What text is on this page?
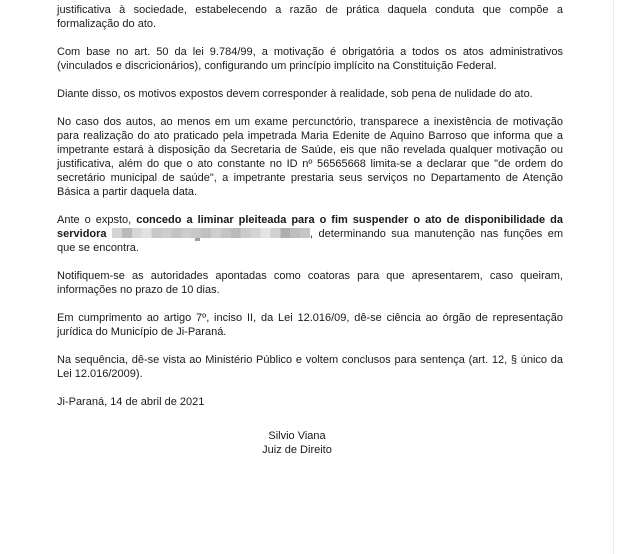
justificativa à sociedade, estabelecendo a razão de prática daquela conduta que compõe a formalização do ato.

Com base no art. 50 da lei 9.784/99, a motivação é obrigatória a todos os atos administrativos (vinculados e discricionários), configurando um princípio implícito na Constituição Federal.

Diante disso, os motivos expostos devem corresponder à realidade, sob pena de nulidade do ato.

No caso dos autos, ao menos em um exame percunctório, transparece a inexistência de motivação para realização do ato praticado pela impetrada Maria Edenite de Aquino Barroso que informa que a impetrante estará à disposição da Secretaria de Saúde, eis que não revelada qualquer motivação ou justificativa, além do que o ato constante no ID nº 56565668 limita-se a declarar que "de ordem do secretário municipal de saúde", a impetrante prestaria seus serviços no Departamento de Atenção Básica a partir daquela data.

Ante o expsto, concedo a liminar pleiteada para o fim suspender o ato de disponibilidade da servidora	, determinando sua manutenção nas funções em que se encontra.

Notifiquem-se as autoridades apontadas como coatoras para que apresentarem, caso queiram, informações no prazo de 10 dias.

Em cumprimento ao artigo 7º, inciso II, da Lei 12.016/09, dê-se ciência ao órgão de representação jurídica do Município de Ji-Paraná.

Na sequência, dê-se vista ao Ministério Público e voltem conclusos para sentença (art. 12, § único da Lei 12.016/2009).

Ji-Paraná, 14 de abril de 2021

Silvio Viana
Juiz de Direito
